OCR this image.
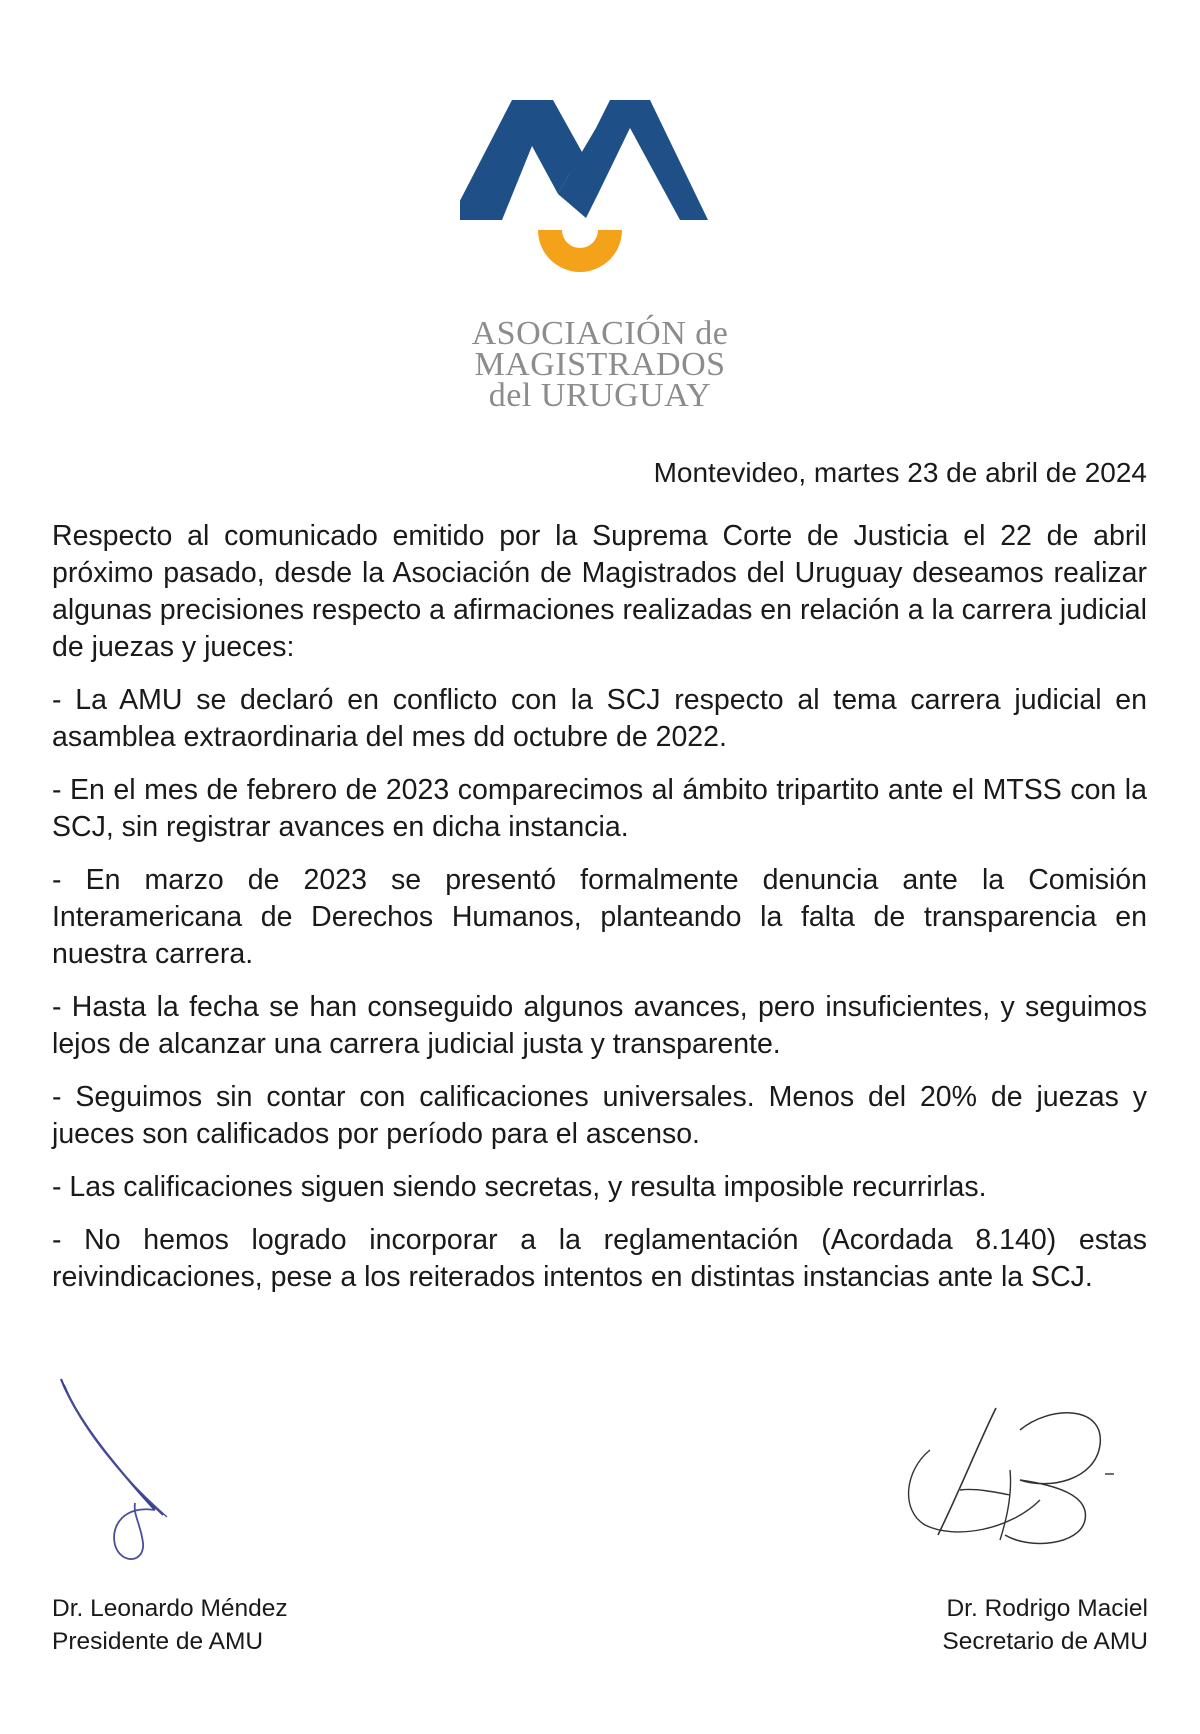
ASOCIACIÓN de
MAGISTRADOS
del URUGUAY
Montevideo, martes 23 de abril de 2024

Respecto al comunicado emitido por la Suprema Corte de Justicia el 22 de abril próximo pasado, desde la Asociación de Magistrados del Uruguay deseamos realizar algunas precisiones respecto a afirmaciones realizadas en relación a la carrera judicial de juezas y jueces:

- La AMU se declaró en conflicto con la SCJ respecto al tema carrera judicial en asamblea extraordinaria del mes dd octubre de 2022.

- En el mes de febrero de 2023 comparecimos al ámbito tripartito ante el MTSS con la SCJ, sin registrar avances en dicha instancia.

- En marzo de 2023 se presentó formalmente denuncia ante la Comisión Interamericana de Derechos Humanos, planteando la falta de transparencia en nuestra carrera.

- Hasta la fecha se han conseguido algunos avances, pero insuficientes, y seguimos lejos de alcanzar una carrera judicial justa y transparente.

- Seguimos sin contar con calificaciones universales. Menos del 20% de juezas y jueces son calificados por período para el ascenso.

- Las calificaciones siguen siendo secretas, y resulta imposible recurrirlas.

- No hemos logrado incorporar a la reglamentación (Acordada 8.140) estas reivindicaciones, pese a los reiterados intentos en distintas instancias ante la SCJ.

Dr. Leonardo Méndez
Presidente de AMU
Dr. Rodrigo Maciel
Secretario de AMU
